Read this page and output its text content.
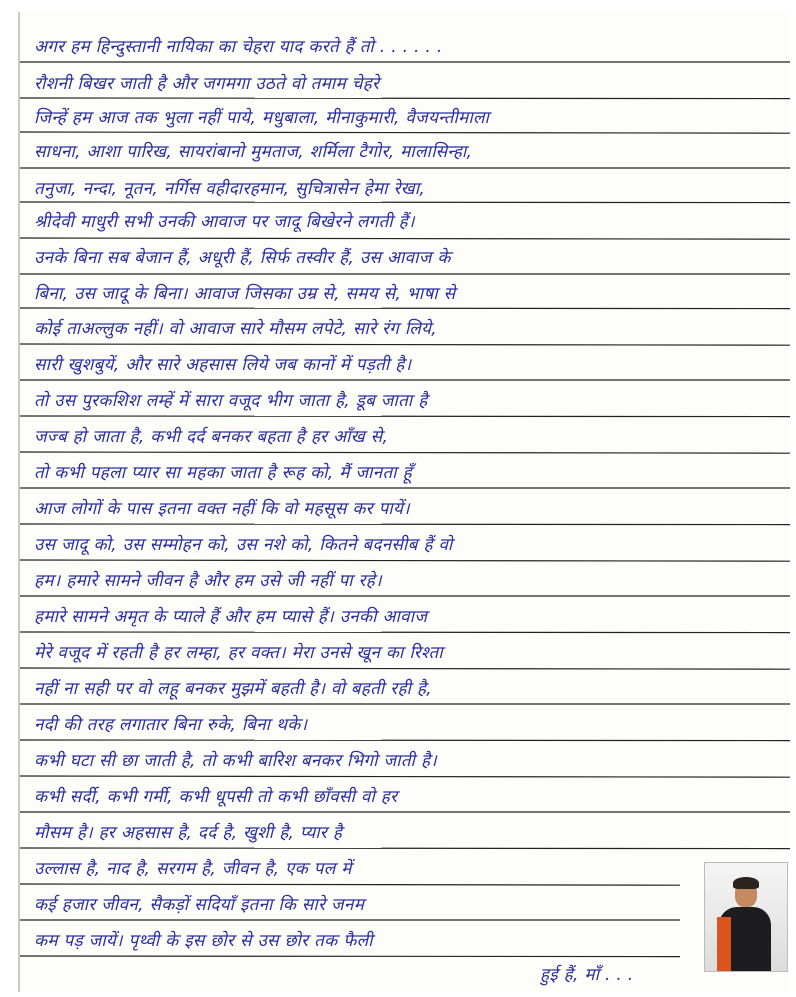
अगर हम हिन्दुस्तानी नायिका का चेहरा याद करते हैं तो . . . . . .
रौशनी बिखर जाती है और जगमगा उठते वो तमाम चेहरे
जिन्हें हम आज तक भुला नहीं पाये, मधुबाला, मीनाकुमारी, वैजयन्तीमाला
साधना, आशा पारिख, सायरांबानो मुमताज, शर्मिला टैगोर, मालासिन्हा,
तनुजा, नन्दा, नूतन, नर्गिस वहीदारहमान, सुचित्रासेन हेमा रेखा,
श्रीदेवी माधुरी सभी उनकी आवाज पर जादू बिखेरने लगती हैं।
उनके बिना सब बेजान हैं, अधूरी हैं, सिर्फ तस्वीर हैं, उस आवाज के
बिना, उस जादू के बिना। आवाज जिसका उम्र से, समय से, भाषा से
कोई ताअल्लुक नहीं। वो आवाज सारे मौसम लपेटे, सारे रंग लिये,
सारी खुशबुयें, और सारे अहसास लिये जब कानों में पड़ती है।
तो उस पुरकशिश लम्हें में सारा वजूद भीग जाता है, डूब जाता है
जज्ब हो जाता है, कभी दर्द बनकर बहता है हर आँख से,
तो कभी पहला प्यार सा महका जाता है रूह को, मैं जानता हूँ
आज लोगों के पास इतना वक्त नहीं कि वो महसूस कर पायें।
उस जादू को, उस सम्मोहन को, उस नशे को, कितने बदनसीब हैं वो
हम। हमारे सामने जीवन है और हम उसे जी नहीं पा रहे।
हमारे सामने अमृत के प्याले हैं और हम प्यासे हैं। उनकी आवाज
मेरे वजूद में रहती है हर लम्हा, हर वक्त। मेरा उनसे खून का रिश्ता
नहीं ना सही पर वो लहू बनकर मुझमें बहती है। वो बहती रही है,
नदी की तरह लगातार बिना रुके, बिना थके।
कभी घटा सी छा जाती है, तो कभी बारिश बनकर भिगो जाती है।
कभी सर्दी, कभी गर्मी, कभी धूपसी तो कभी छाँवसी वो हर
मौसम है। हर अहसास है, दर्द है, खुशी है, प्यार है
उल्लास है, नाद है, सरगम है, जीवन है, एक पल में
कई हजार जीवन, सैकड़ों सदियाँ इतना कि सारे जनम
कम पड़ जायें। पृथ्वी के इस छोर से उस छोर तक फैली
हुई हैं, माँ . . .
